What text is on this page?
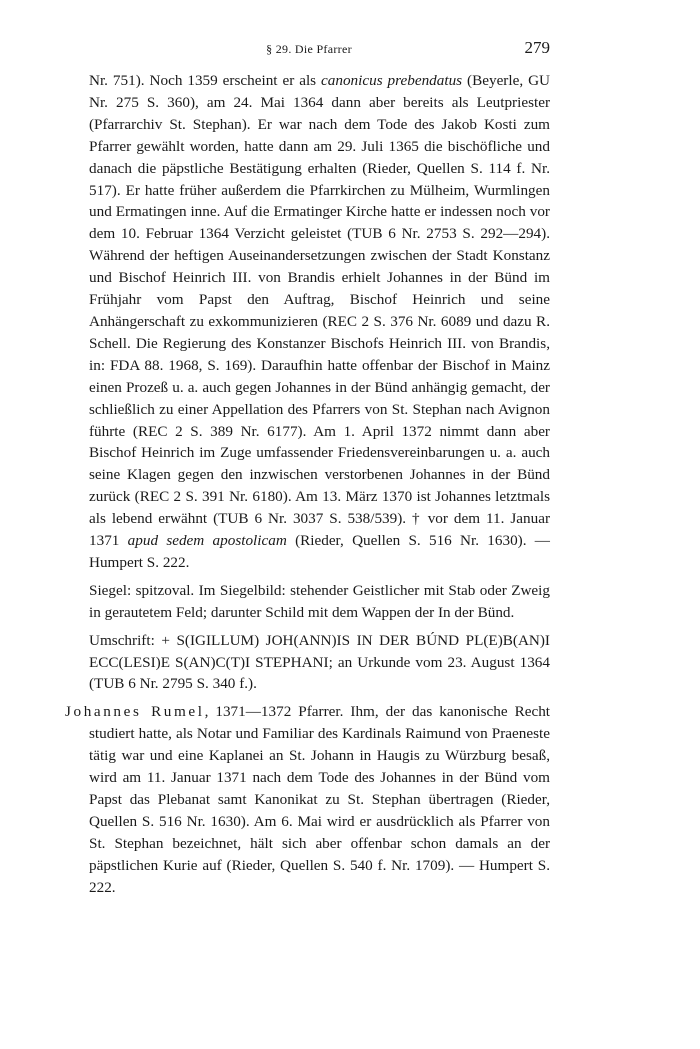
§ 29. Die Pfarrer	279

Nr. 751). Noch 1359 erscheint er als canonicus prebendatus (Beyerle, GU Nr. 275 S. 360), am 24. Mai 1364 dann aber bereits als Leutpriester (Pfarrarchiv St. Stephan). Er war nach dem Tode des Jakob Kosti zum Pfarrer gewählt worden, hatte dann am 29. Juli 1365 die bischöfliche und danach die päpstliche Bestätigung erhalten (Rieder, Quellen S. 114 f. Nr. 517). Er hatte früher außerdem die Pfarrkirchen zu Mülheim, Wurmlingen und Ermatingen inne. Auf die Ermatinger Kirche hatte er indessen noch vor dem 10. Februar 1364 Verzicht geleistet (TUB 6 Nr. 2753 S. 292—294). Während der heftigen Auseinandersetzungen zwischen der Stadt Konstanz und Bischof Heinrich III. von Brandis erhielt Johannes in der Bünd im Frühjahr vom Papst den Auftrag, Bischof Heinrich und seine Anhängerschaft zu exkommunizieren (REC 2 S. 376 Nr. 6089 und dazu R. Schell. Die Regierung des Konstanzer Bischofs Heinrich III. von Brandis, in: FDA 88. 1968, S. 169). Daraufhin hatte offenbar der Bischof in Mainz einen Prozeß u. a. auch gegen Johannes in der Bünd anhängig gemacht, der schließlich zu einer Appellation des Pfarrers von St. Stephan nach Avignon führte (REC 2 S. 389 Nr. 6177). Am 1. April 1372 nimmt dann aber Bischof Heinrich im Zuge umfassender Friedensvereinbarungen u. a. auch seine Klagen gegen den inzwischen verstorbenen Johannes in der Bünd zurück (REC 2 S. 391 Nr. 6180). Am 13. März 1370 ist Johannes letztmals als lebend erwähnt (TUB 6 Nr. 3037 S. 538/539). † vor dem 11. Januar 1371 apud sedem apostolicam (Rieder, Quellen S. 516 Nr. 1630). — Humpert S. 222.

Siegel: spitzoval. Im Siegelbild: stehender Geistlicher mit Stab oder Zweig in gerautetem Feld; darunter Schild mit dem Wappen der In der Bünd.

Umschrift: + S(IGILLUM) JOH(ANN)IS IN DER BÚND PL(E)B(AN)I ECC(LESI)E S(AN)C(T)I STEPHANI; an Urkunde vom 23. August 1364 (TUB 6 Nr. 2795 S. 340 f.).

Johannes Rumel, 1371—1372 Pfarrer. Ihm, der das kanonische Recht studiert hatte, als Notar und Familiar des Kardinals Raimund von Praeneste tätig war und eine Kaplanei an St. Johann in Haugis zu Würzburg besaß, wird am 11. Januar 1371 nach dem Tode des Johannes in der Bünd vom Papst das Plebanat samt Kanonikat zu St. Stephan übertragen (Rieder, Quellen S. 516 Nr. 1630). Am 6. Mai wird er ausdrücklich als Pfarrer von St. Stephan bezeichnet, hält sich aber offenbar schon damals an der päpstlichen Kurie auf (Rieder, Quellen S. 540 f. Nr. 1709). — Humpert S. 222.
